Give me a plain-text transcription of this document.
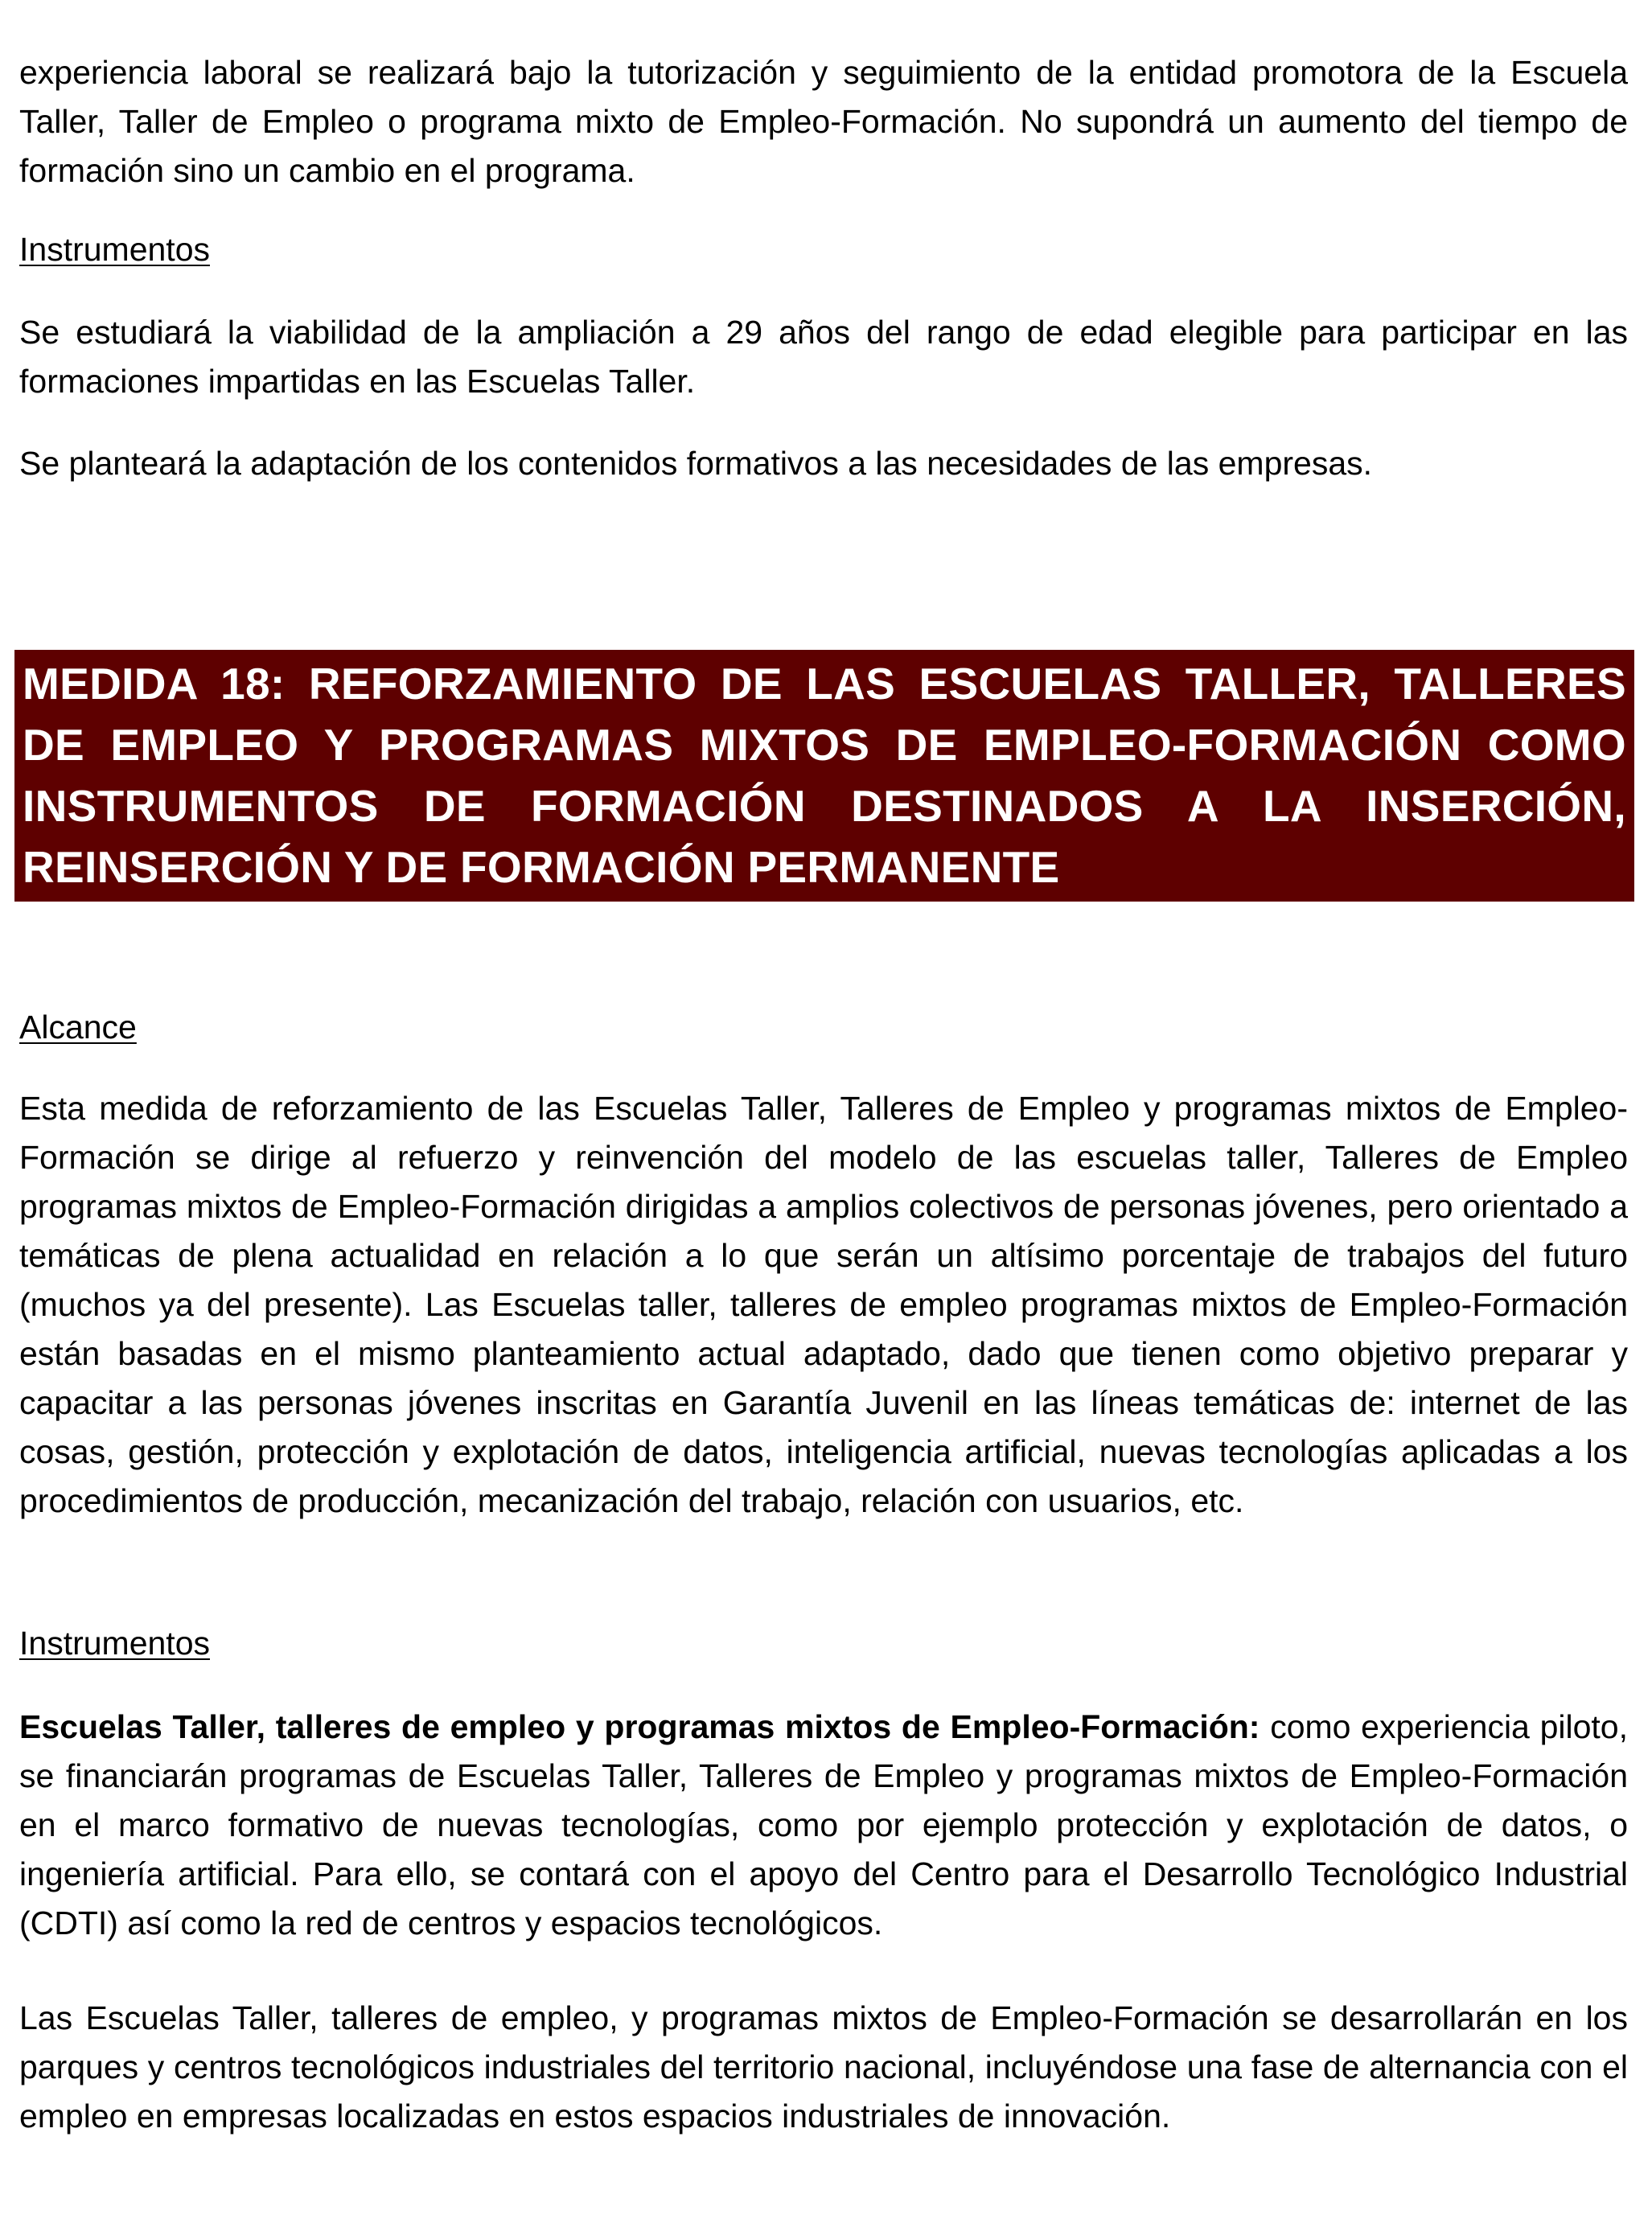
experiencia laboral se realizará bajo la tutorización y seguimiento de la entidad promotora de la Escuela Taller, Taller de Empleo o programa mixto de Empleo-Formación. No supondrá un aumento del tiempo de formación sino un cambio en el programa.

Instrumentos

Se estudiará la viabilidad de la ampliación a 29 años del rango de edad elegible para participar en las formaciones impartidas en las Escuelas Taller.

Se planteará la adaptación de los contenidos formativos a las necesidades de las empresas.

MEDIDA 18: REFORZAMIENTO DE LAS ESCUELAS TALLER, TALLERES
DE EMPLEO Y PROGRAMAS MIXTOS DE EMPLEO-FORMACIÓN COMO
INSTRUMENTOS DE FORMACIÓN DESTINADOS A LA INSERCIÓN,
REINSERCIÓN Y DE FORMACIÓN PERMANENTE
Alcance

Esta medida de reforzamiento de las Escuelas Taller, Talleres de Empleo y programas mixtos de Empleo-Formación se dirige al refuerzo y reinvención del modelo de las escuelas taller, Talleres de Empleo programas mixtos de Empleo-Formación dirigidas a amplios colectivos de personas jóvenes, pero orientado a temáticas de plena actualidad en relación a lo que serán un altísimo porcentaje de trabajos del futuro (muchos ya del presente). Las Escuelas taller, talleres de empleo programas mixtos de Empleo-Formación están basadas en el mismo planteamiento actual adaptado, dado que tienen como objetivo preparar y capacitar a las personas jóvenes inscritas en Garantía Juvenil en las líneas temáticas de: internet de las cosas, gestión, protección y explotación de datos, inteligencia artificial, nuevas tecnologías aplicadas a los procedimientos de producción, mecanización del trabajo, relación con usuarios, etc.

Instrumentos

Escuelas Taller, talleres de empleo y programas mixtos de Empleo-Formación: como experiencia piloto, se financiarán programas de Escuelas Taller, Talleres de Empleo y programas mixtos de Empleo-Formación en el marco formativo de nuevas tecnologías, como por ejemplo protección y explotación de datos, o ingeniería artificial. Para ello, se contará con el apoyo del Centro para el Desarrollo Tecnológico Industrial (CDTI) así como la red de centros y espacios tecnológicos.

Las Escuelas Taller, talleres de empleo, y programas mixtos de Empleo-Formación se desarrollarán en los parques y centros tecnológicos industriales del territorio nacional, incluyéndose una fase de alternancia con el empleo en empresas localizadas en estos espacios industriales de innovación.
